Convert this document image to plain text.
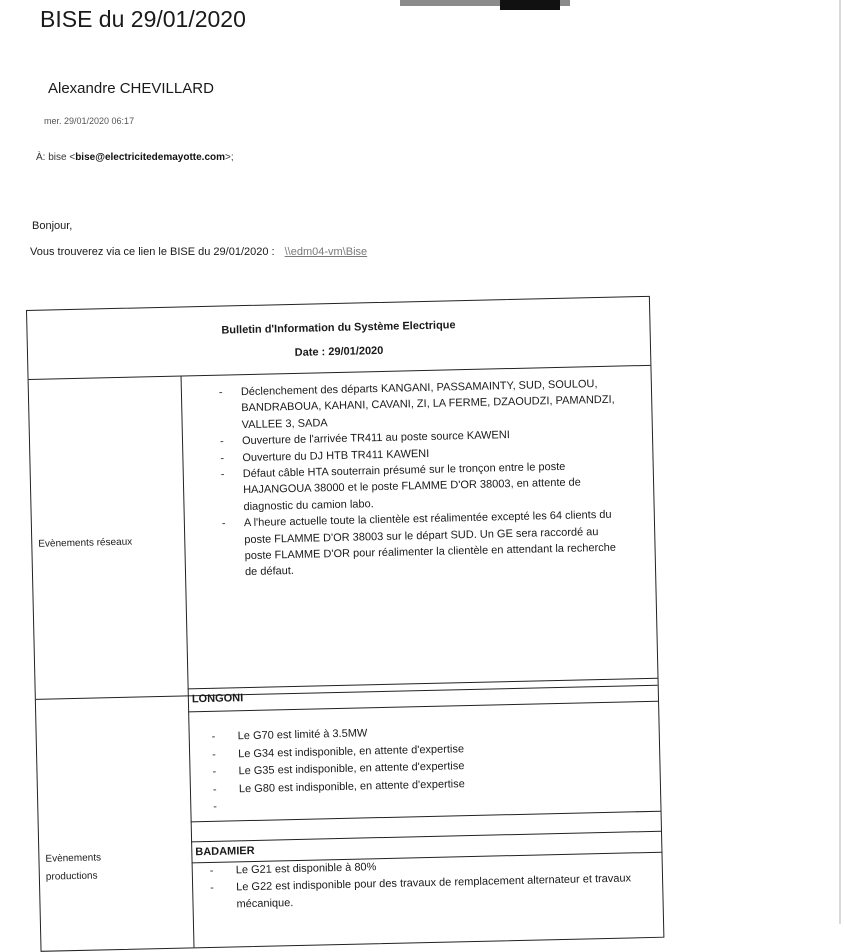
BISE du 29/01/2020
Alexandre CHEVILLARD
mer. 29/01/2020 06:17
À: bise <bise@electricitedemayotte.com>;
Bonjour,
Vous trouverez via ce lien le BISE du 29/01/2020 : \\edm04-vm\Bise
Bulletin d'Information du Système Electrique
Date : 29/01/2020
Evènements réseaux
Evènements
productions
- Déclenchement des départs KANGANI, PASSAMAINTY, SUD, SOULOU, BANDRABOUA, KAHANI, CAVANI, ZI, LA FERME, DZAOUDZI, PAMANDZI, VALLEE 3, SADA
- Ouverture de l'arrivée TR411 au poste source KAWENI
- Ouverture du DJ HTB TR411 KAWENI
- Défaut câble HTA souterrain présumé sur le tronçon entre le poste HAJANGOUA 38000 et le poste FLAMME D'OR 38003, en attente de diagnostic du camion labo.
- A l'heure actuelle toute la clientèle est réalimentée excepté les 64 clients du poste FLAMME D'OR 38003 sur le départ SUD. Un GE sera raccordé au poste FLAMME D'OR pour réalimenter la clientèle en attendant la recherche de défaut.
LONGONI
- Le G70 est limité à 3.5MW
- Le G34 est indisponible, en attente d'expertise
- Le G35 est indisponible, en attente d'expertise
- Le G80 est indisponible, en attente d'expertise
-
BADAMIER
- Le G21 est disponible à 80%
- Le G22 est indisponible pour des travaux de remplacement alternateur et travaux mécanique.
